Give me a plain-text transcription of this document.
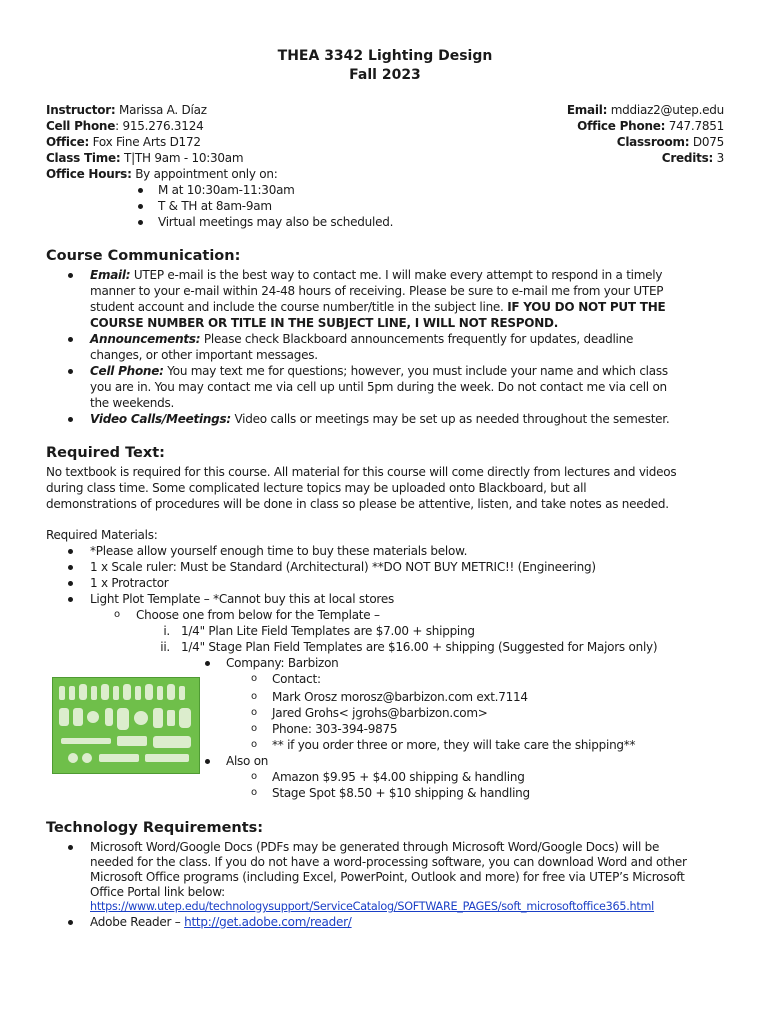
THEA 3342 Lighting Design
Fall 2023
Instructor: Marissa A. Díaz
Cell Phone: 915.276.3124
Office: Fox Fine Arts D172
Class Time: T|TH 9am - 10:30am
Office Hours: By appointment only on:
M at 10:30am-11:30am
T & TH at 8am-9am
Virtual meetings may also be scheduled.
Email: mddiaz2@utep.edu
Office Phone: 747.7851
Classroom: D075
Credits: 3
Course Communication:
Email: UTEP e-mail is the best way to contact me. I will make every attempt to respond in a timely
manner to your e-mail within 24-48 hours of receiving. Please be sure to e-mail me from your UTEP
student account and include the course number/title in the subject line. IF YOU DO NOT PUT THE
COURSE NUMBER OR TITLE IN THE SUBJECT LINE, I WILL NOT RESPOND.
Announcements: Please check Blackboard announcements frequently for updates, deadline
changes, or other important messages.
Cell Phone: You may text me for questions; however, you must include your name and which class
you are in. You may contact me via cell up until 5pm during the week. Do not contact me via cell on
the weekends.
Video Calls/Meetings: Video calls or meetings may be set up as needed throughout the semester.
Required Text:
No textbook is required for this course. All material for this course will come directly from lectures and videos
during class time. Some complicated lecture topics may be uploaded onto Blackboard, but all
demonstrations of procedures will be done in class so please be attentive, listen, and take notes as needed.
Required Materials:
*Please allow yourself enough time to buy these materials below.
1 x Scale ruler: Must be Standard (Architectural) **DO NOT BUY METRIC!! (Engineering)
1 x Protractor
Light Plot Template – *Cannot buy this at local stores
o Choose one from below for the Template –
i. 1/4" Plan Lite Field Templates are $7.00 + shipping
ii. 1/4" Stage Plan Field Templates are $16.00 + shipping (Suggested for Majors only)
Company: Barbizon
o Contact:
o Mark Orosz morosz@barbizon.com ext.7114
o Jared Grohs< jgrohs@barbizon.com>
o Phone: 303-394-9875
o ** if you order three or more, they will take care the shipping**
Also on
o Amazon $9.95 + $4.00 shipping & handling
o Stage Spot $8.50 + $10 shipping & handling
Technology Requirements:
Microsoft Word/Google Docs (PDFs may be generated through Microsoft Word/Google Docs) will be
needed for the class. If you do not have a word-processing software, you can download Word and other
Microsoft Office programs (including Excel, PowerPoint, Outlook and more) for free via UTEP’s Microsoft
Office Portal link below:
https://www.utep.edu/technologysupport/ServiceCatalog/SOFTWARE_PAGES/soft_microsoftoffice365.html
Adobe Reader – http://get.adobe.com/reader/
